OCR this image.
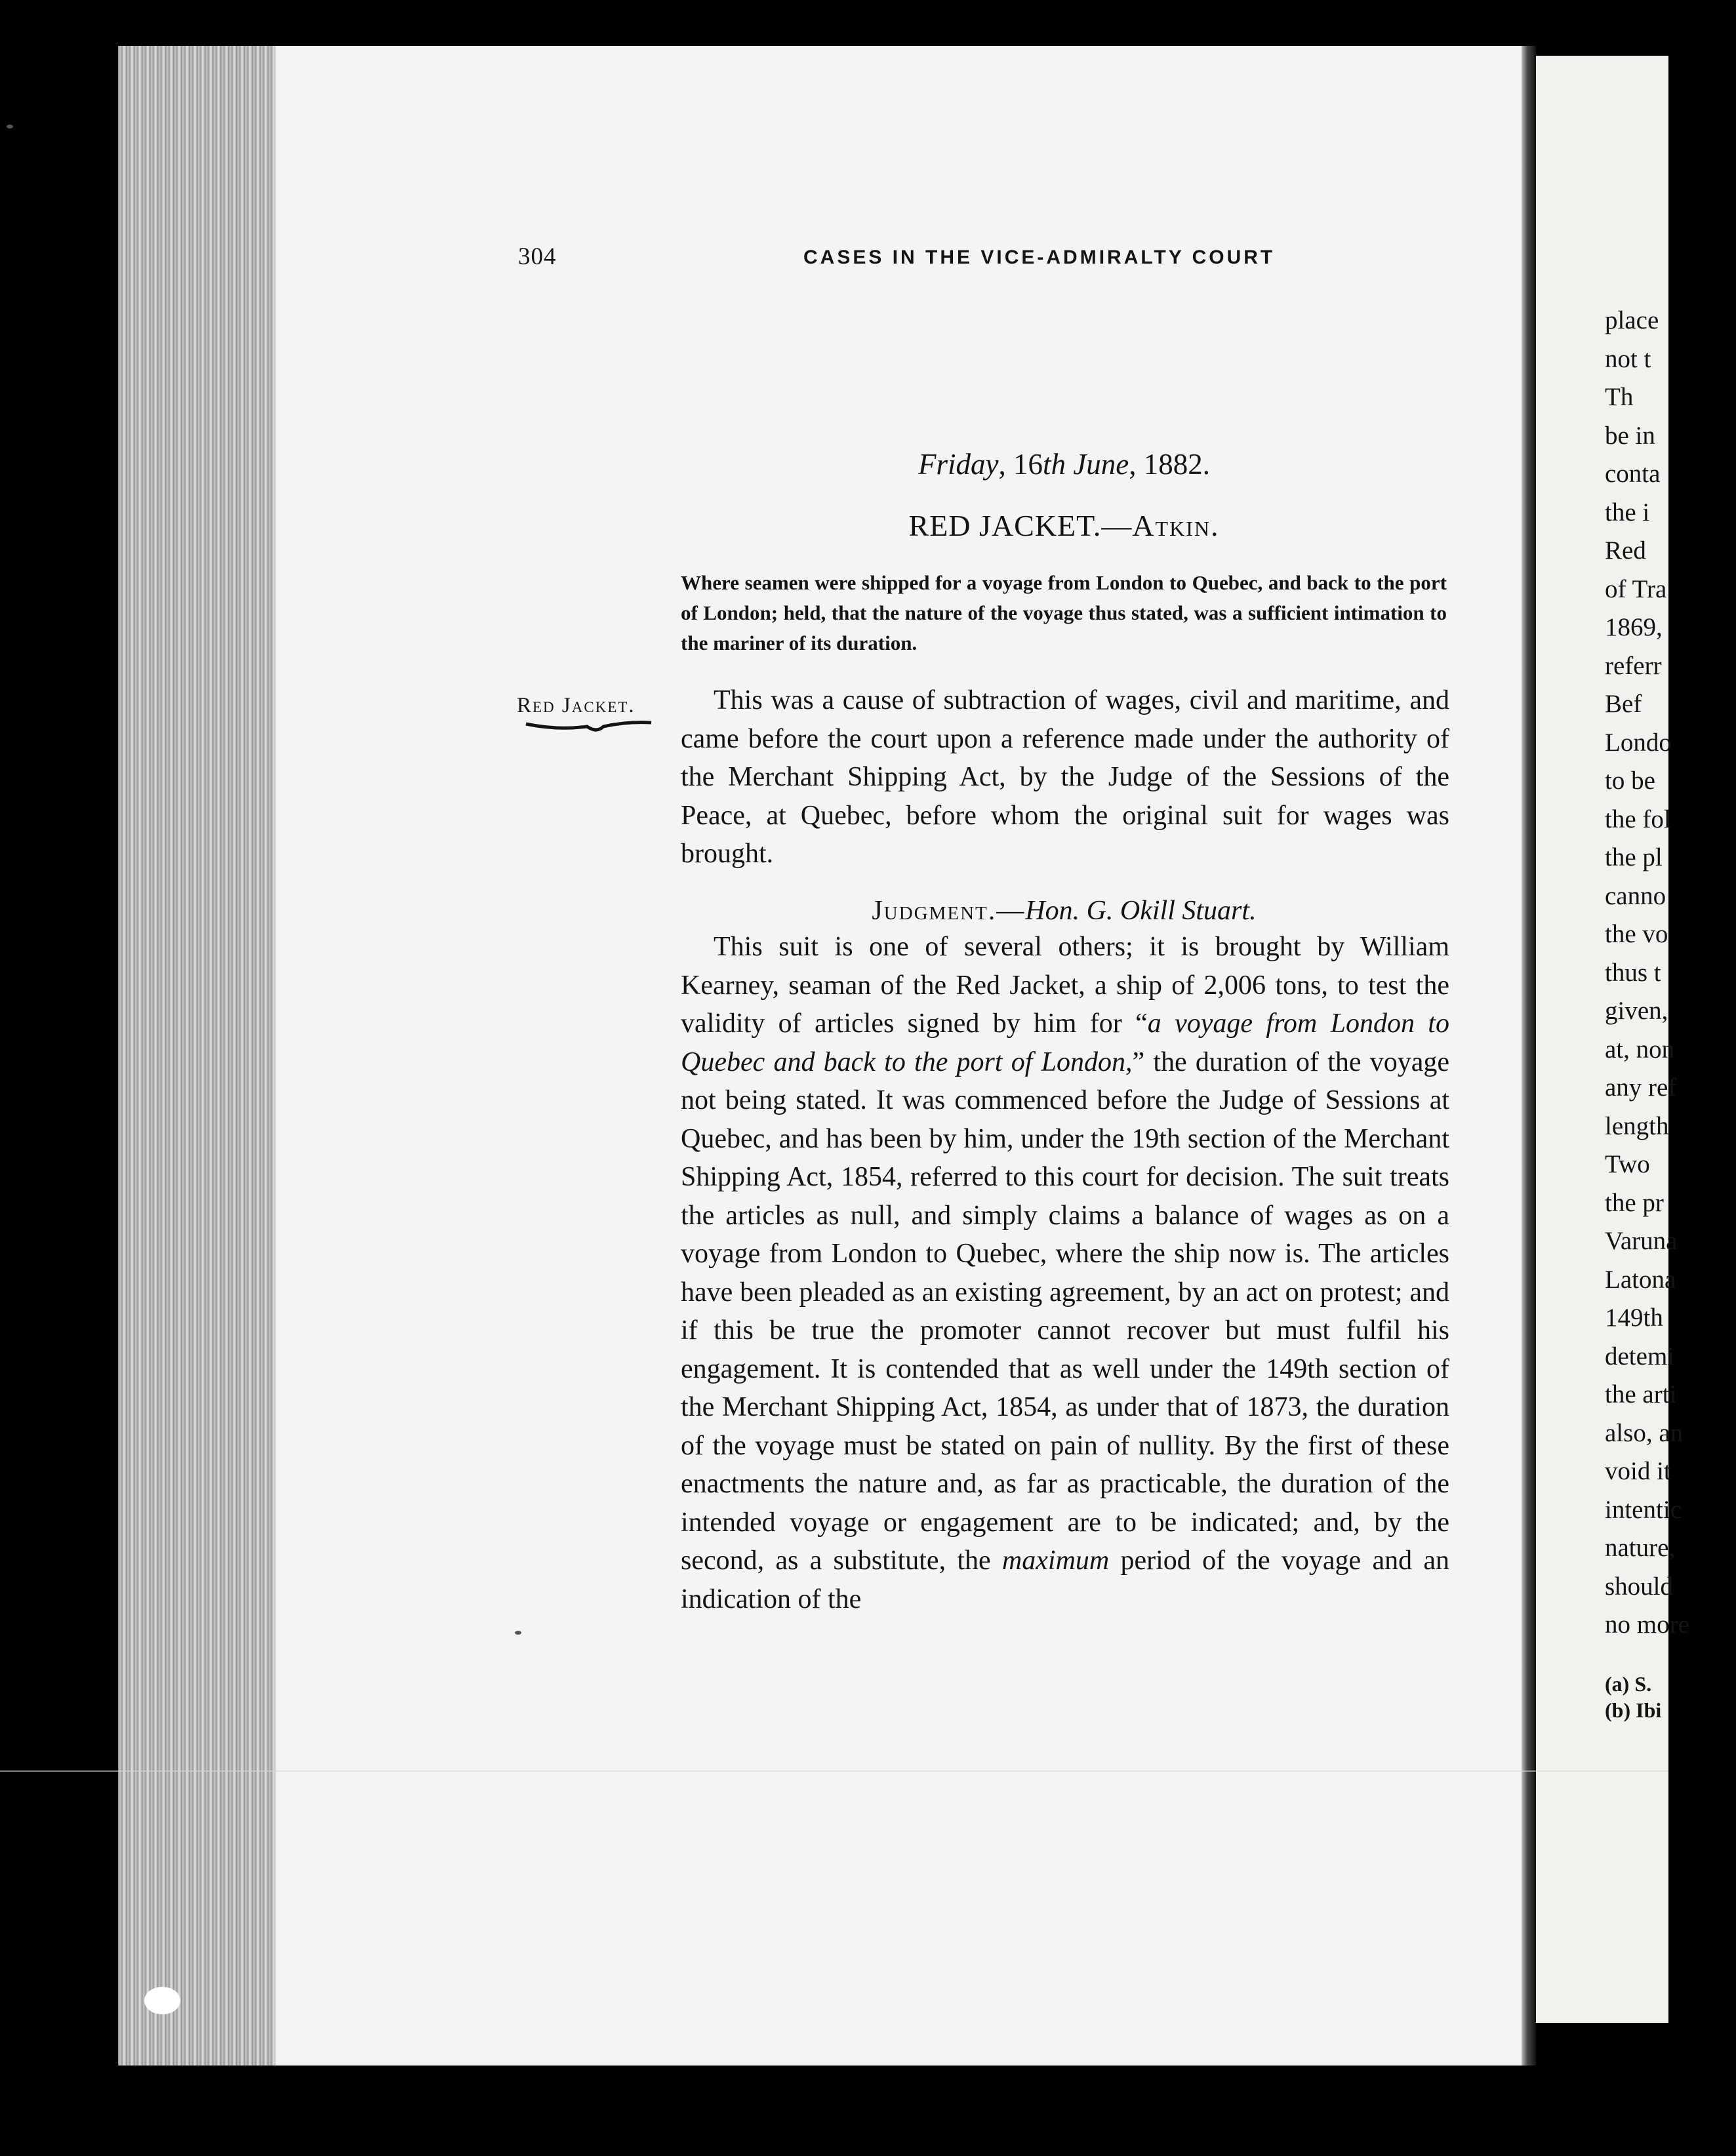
304	CASES IN THE VICE-ADMIRALTY COURT
Friday, 16th June, 1882.
RED JACKET.—Atkin.
Where seamen were shipped for a voyage from London to Quebec, and back to the port of London; held, that the nature of the voyage thus stated, was a sufficient intimation to the mariner of its duration.
Red Jacket.	This was a cause of subtraction of wages, civil and maritime, and came before the court upon a reference made under the authority of the Merchant Shipping Act, by the Judge of the Sessions of the Peace, at Quebec, before whom the original suit for wages was brought.
Judgment.—Hon. G. Okill Stuart.
This suit is one of several others; it is brought by William Kearney, seaman of the Red Jacket, a ship of 2,006 tons, to test the validity of articles signed by him for “a voyage from London to Quebec and back to the port of London,” the duration of the voyage not being stated. It was commenced before the Judge of Sessions at Quebec, and has been by him, under the 19th section of the Merchant Shipping Act, 1854, referred to this court for decision. The suit treats the articles as null, and simply claims a balance of wages as on a voyage from London to Quebec, where the ship now is. The articles have been pleaded as an existing agreement, by an act on protest; and if this be true the promoter cannot recover but must fulfil his engagement. It is contended that as well under the 149th section of the Merchant Shipping Act, 1854, as under that of 1873, the duration of the voyage must be stated on pain of nullity. By the first of these enactments the nature and, as far as practicable, the duration of the intended voyage or engagement are to be indicated; and, by the second, as a substitute, the maximum period of the voyage and an indication of the
place
not t
Th
be in
conta
the i
Red
of Tra
1869,
referr
Bef
Londo
to be
the fol
the pl
canno
the vo
thus t
given,
at, non
any ref
length
Two
the pr
Varuna
Latona
149th
detemi
the arti
also, an
void it
intentic
nature,
should
no more
(a) S.
(b) Ibi
